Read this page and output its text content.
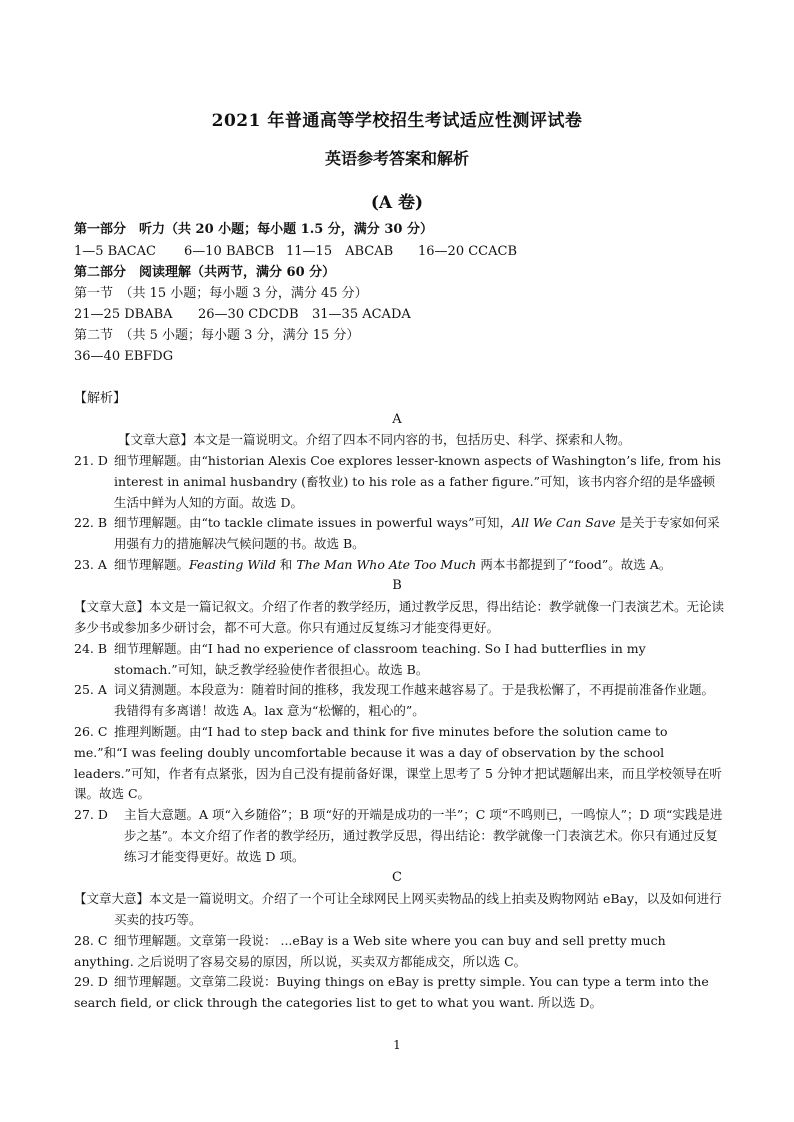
2021 年普通高等学校招生考试适应性测评试卷
英语参考答案和解析
(A 卷)
第一部分　听力（共 20 小题；每小题 1.5 分，满分 30 分）
1—5 BACAC 6—10 BABCB 11—15　ABCAB 16—20 CCACB
第二部分　阅读理解（共两节，满分 60 分）
第一节　（共 15 小题；每小题 3 分，满分 45 分）
21—25 DBABA 26—30 CDCDB 31—35 ACADA
第二节　（共 5 小题；每小题 3 分，满分 15 分）
36—40 EBFDG
【解析】
A
【文章大意】本文是一篇说明文。介绍了四本不同内容的书，包括历史、科学、探索和人物。
21. D 细节理解题。由“historian Alexis Coe explores lesser-known aspects of Washington’s life, from his interest in animal husbandry (畜牧业) to his role as a father figure.”可知，该书内容介绍的是华盛顿生活中鲜为人知的方面。故选 D。
22. B 细节理解题。由“to tackle climate issues in powerful ways”可知，All We Can Save 是关于专家如何采用强有力的措施解决气候问题的书。故选 B。
23. A 细节理解题。Feasting Wild 和 The Man Who Ate Too Much 两本书都提到了“food”。故选 A。
B
【文章大意】本文是一篇记叙文。介绍了作者的教学经历，通过教学反思，得出结论：教学就像一门表演艺术。无论读多少书或参加多少研讨会，都不可大意。你只有通过反复练习才能变得更好。
24. B 细节理解题。由“I had no experience of classroom teaching. So I had butterflies in my stomach.”可知，缺乏教学经验使作者很担心。故选 B。
25. A 词义猜测题。本段意为：随着时间的推移，我发现工作越来越容易了。于是我松懈了，不再提前准备作业题。我错得有多离谱！故选 A。lax 意为“松懈的，粗心的”。
26. C 推理判断题。由“I had to step back and think for five minutes before the solution came to me.”和“I was feeling doubly uncomfortable because it was a day of observation by the school leaders.”可知，作者有点紧张，因为自己没有提前备好课，课堂上思考了 5 分钟才把试题解出来，而且学校领导在听课。故选 C。
27. D 主旨大意题。A 项“入乡随俗”；B 项“好的开端是成功的一半”；C 项“不鸣则已，一鸣惊人”；D 项“实践是进步之基”。本文介绍了作者的教学经历，通过教学反思，得出结论：教学就像一门表演艺术。你只有通过反复练习才能变得更好。故选 D 项。
C
【文章大意】本文是一篇说明文。介绍了一个可让全球网民上网买卖物品的线上拍卖及购物网站 eBay，以及如何进行买卖的技巧等。
28. C 细节理解题。文章第一段说： ...eBay is a Web site where you can buy and sell pretty much anything. 之后说明了容易交易的原因，所以说，买卖双方都能成交，所以选 C。
29. D 细节理解题。文章第二段说：Buying things on eBay is pretty simple. You can type a term into the search field, or click through the categories list to get to what you want. 所以选 D。
1
